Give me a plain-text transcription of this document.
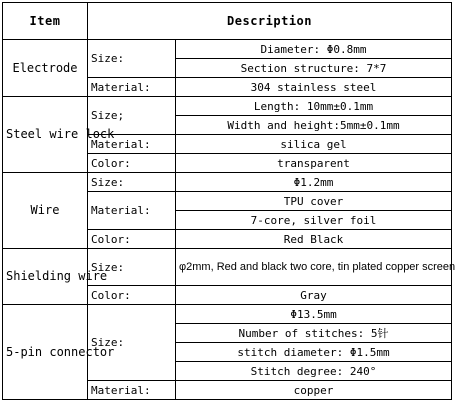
Item	Description	
Electrode	Size:	Diameter: Φ0.8mm
		Section structure: 7*7
	Material:	304 stainless steel
Steel wire lock	Size;	Length: 10mm±0.1mm
		Width and height:5mm±0.1mm
	Material:	silica gel
	Color:	transparent
Wire	Size:	Φ1.2mm
	Material:	TPU cover
		7-core, silver foil
	Color:	Red Black
Shielding wire	Size:	φ2mm, Red and black two core, tin plated copper screen
	Color:	Gray
5-pin connector	Size:	Φ13.5mm
		Number of stitches: 5针
		stitch diameter: Φ1.5mm
		Stitch degree: 240°
	Material:	copper
